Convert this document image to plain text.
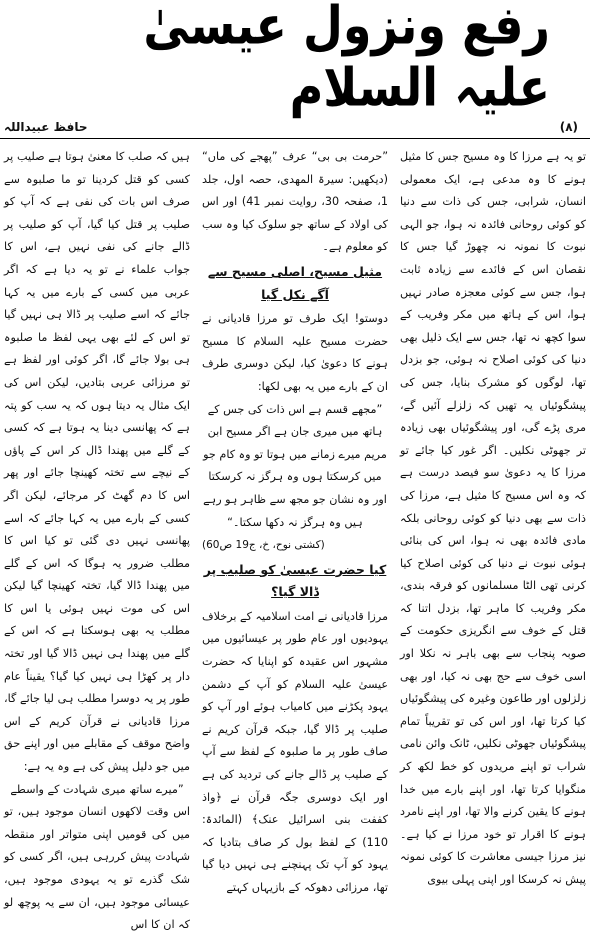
رفع ونزول عیسیٰ علیہ السلام
حافظ عبیداللہ	(۸)

تو یہ ہے مرزا کا وہ مسیح جس کا مثیل ہونے کا وہ مدعی ہے، ایک معمولی انسان، شرابی، جس کی ذات سے دنیا کو کوئی روحانی فائدہ نہ ہوا، جو الہی نبوت کا نمونہ نہ چھوڑ گیا جس کا نقصان اس کے فائدے سے زیادہ ثابت ہوا، جس سے کوئی معجزہ صادر نہیں ہوا، اس کے ہاتھ میں مکر وفریب کے سوا کچھ نہ تھا، جس سے ایک ذلیل بھی دنیا کی کوئی اصلاح نہ ہوئی، جو بزدل تھا، لوگوں کو مشرک بنایا، جس کی پیشگوئیاں یہ تھیں کہ زلزلے آئیں گے، مری پڑے گی، اور پیشگوئیاں بھی زیادہ تر جھوٹی نکلیں۔ اگر غور کیا جائے تو مرزا کا یہ دعویٰ سو فیصد درست ہے کہ وہ اس مسیح کا مثیل ہے، مرزا کی ذات سے بھی دنیا کو کوئی روحانی بلکہ مادی فائدہ بھی نہ ہوا، اس کی بنائی ہوئی نبوت نے دنیا کی کوئی اصلاح کیا کرنی تھی الٹا مسلمانوں کو فرقہ بندی، مکر وفریب کا ماہر تھا، بزدل اتنا کہ قتل کے خوف سے انگریزی حکومت کے صوبہ پنجاب سے بھی باہر نہ نکلا اور اسی خوف سے حج بھی نہ کیا، اور بھی زلزلوں اور طاعون وغیرہ کی پیشگوئیاں کیا کرتا تھا، اور اس کی تو تقریباً تمام پیشگوئیاں جھوٹی نکلیں، ٹانک وائن نامی شراب تو اپنے مریدوں کو خط لکھ کر منگوایا کرتا تھا، اور اپنے بارے میں خدا ہونے کا یقین کرنے والا تھا، اور اپنے نامرد ہونے کا اقرار تو خود مرزا نے کیا ہے۔ نیز مرزا جیسی معاشرت کا کوئی نمونہ پیش نہ کرسکا اور اپنی پہلی بیوی

”حرمت بی بی“ عرف ”پھجے کی ماں“ (دیکھیں: سیرۃ المھدی، حصہ اول، جلد 1، صفحہ 30، روایت نمبر 41) اور اس کی اولاد کے ساتھ جو سلوک کیا وہ سب کو معلوم ہے۔

مثیل مسیح، اصلی مسیح سے آگے نکل گیا

دوستو! ایک طرف تو مرزا قادیانی نے حضرت مسیح علیہ السلام کا مسیح ہونے کا دعویٰ کیا، لیکن دوسری طرف ان کے بارے میں یہ بھی لکھا:

”مجھے قسم ہے اس ذات کی جس کے ہاتھ میں میری جان ہے اگر مسیح ابن مریم میرے زمانے میں ہوتا تو وہ کام جو میں کرسکتا ہوں وہ ہرگز نہ کرسکتا اور وہ نشان جو مجھ سے ظاہر ہو رہے ہیں وہ ہرگز نہ دکھا سکتا۔“
(کشتی نوح، خ، ج19 ص60)
کیا حضرت عیسیٰ کو صلیب پر ڈالا گیا؟

مرزا قادیانی نے امت اسلامیہ کے برخلاف یہودیوں اور عام طور پر عیسائیوں میں مشہور اس عقیدہ کو اپنایا کہ حضرت عیسیٰ علیہ السلام کو آپ کے دشمن یہود پکڑنے میں کامیاب ہوئے اور آپ کو صلیب پر ڈالا گیا، جبکہ قرآن کریم نے صاف طور پر ما صلبوہ کے لفظ سے آپ کے صلیب پر ڈالے جانے کی تردید کی ہے اور ایک دوسری جگہ قرآن نے ﴿واذ کففت بنی اسرائیل عنک﴾ (المائدۃ: 110) کے لفظ بول کر صاف بتادیا کہ یہود کو آپ تک پہنچنے ہی نہیں دیا گیا تھا، مرزائی دھوکہ کے بازیہاں کہتے

ہیں کہ صلب کا معنیٰ ہوتا ہے صلیب پر کسی کو قتل کردینا تو ما صلبوہ سے صرف اس بات کی نفی ہے کہ آپ کو صلیب پر قتل کیا گیا، آپ کو صلیب پر ڈالے جانے کی نفی نہیں ہے، اس کا جواب علماء نے تو یہ دیا ہے کہ اگر عربی میں کسی کے بارے میں یہ کہا جائے کہ اسے صلیب پر ڈالا ہی نہیں گیا تو اس کے لئے بھی یہی لفظ ما صلبوہ ہی بولا جائے گا، اگر کوئی اور لفظ ہے تو مرزائی عربی بتادیں، لیکن اس کی ایک مثال یہ دیتا ہوں کہ یہ سب کو پتہ ہے کہ پھانسی دینا یہ ہوتا ہے کہ کسی کے گلے میں پھندا ڈال کر اس کے پاؤں کے نیچے سے تختہ کھینچا جائے اور پھر اس کا دم گھٹ کر مرجائے، لیکن اگر کسی کے بارے میں یہ کہا جائے کہ اسے پھانسی نہیں دی گئی تو کیا اس کا مطلب ضرور یہ ہوگا کہ اس کے گلے میں پھندا ڈالا گیا، تختہ کھینچا گیا لیکن اس کی موت نہیں ہوئی یا اس کا مطلب یہ بھی ہوسکتا ہے کہ اس کے گلے میں پھندا ہی نہیں ڈالا گیا اور تختہ دار پر کھڑا ہی نہیں کیا گیا؟ یقیناً عام طور پر یہ دوسرا مطلب ہی لیا جائے گا، مرزا قادیانی نے قرآن کریم کے اس واضح موقف کے مقابلے میں اور اپنے حق میں جو دلیل پیش کی ہے وہ یہ ہے:

”میرے ساتھ میری شہادت کے واسطے

اس وقت لاکھوں انسان موجود ہیں، تو میں کی قومیں اپنی متواتر اور منقطہ شہادت پیش کررہی ہیں، اگر کسی کو شک گذرے تو یہ یہودی موجود ہیں، عیسائی موجود ہیں، ان سے یہ پوچھ لو کہ ان کا اس
